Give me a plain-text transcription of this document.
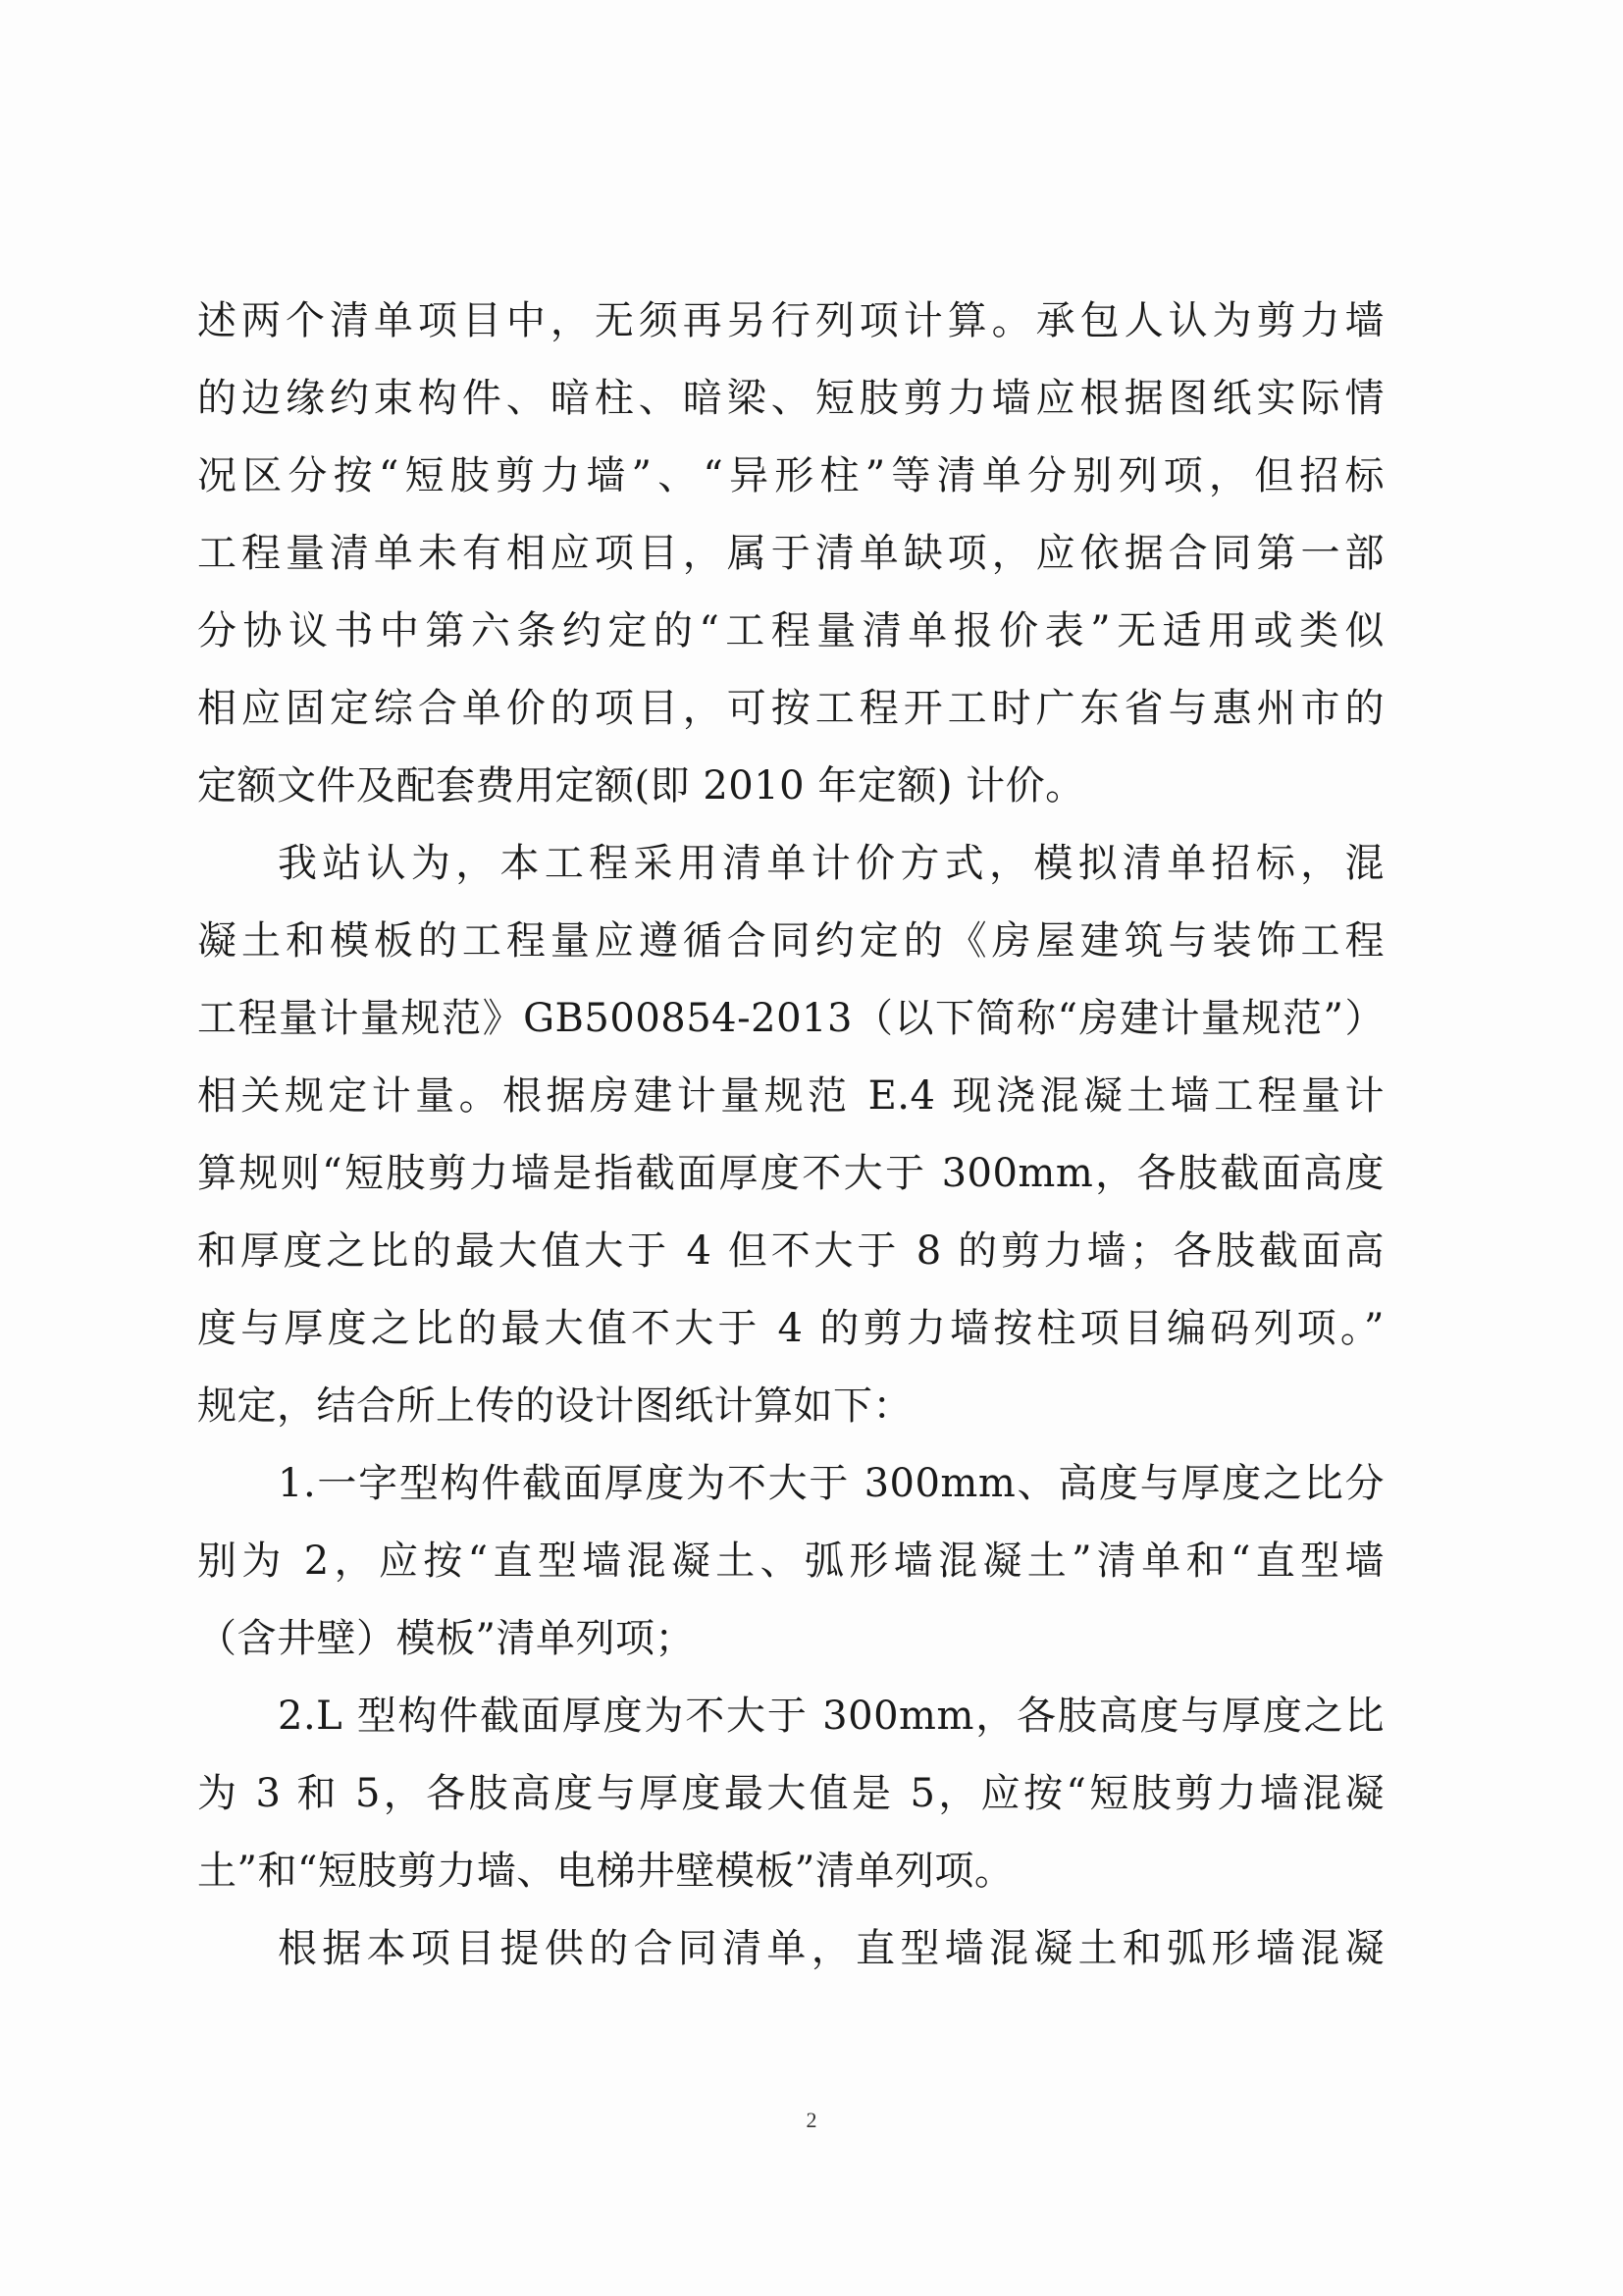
述两个清单项目中，无须再另行列项计算。承包人认为剪力墙
的边缘约束构件、暗柱、暗梁、短肢剪力墙应根据图纸实际情
况区分按“短肢剪力墙”、“异形柱”等清单分别列项，但招标
工程量清单未有相应项目，属于清单缺项，应依据合同第一部
分协议书中第六条约定的“工程量清单报价表”无适用或类似
相应固定综合单价的项目，可按工程开工时广东省与惠州市的
定额文件及配套费用定额(即 2010 年定额) 计价。
我站认为，本工程采用清单计价方式，模拟清单招标，混
凝土和模板的工程量应遵循合同约定的《房屋建筑与装饰工程
工程量计量规范》GB500854-2013（以下简称“房建计量规范”）
相关规定计量。根据房建计量规范 E.4 现浇混凝土墙工程量计
算规则“短肢剪力墙是指截面厚度不大于 300mm，各肢截面高度
和厚度之比的最大值大于 4 但不大于 8 的剪力墙；各肢截面高
度与厚度之比的最大值不大于 4 的剪力墙按柱项目编码列项。”
规定，结合所上传的设计图纸计算如下：
1.一字型构件截面厚度为不大于 300mm、高度与厚度之比分
别为 2，应按“直型墙混凝土、弧形墙混凝土”清单和“直型墙
（含井壁）模板”清单列项；
2.L 型构件截面厚度为不大于 300mm，各肢高度与厚度之比
为 3 和 5，各肢高度与厚度最大值是 5，应按“短肢剪力墙混凝
土”和“短肢剪力墙、电梯井壁模板”清单列项。
根据本项目提供的合同清单，直型墙混凝土和弧形墙混凝
2
